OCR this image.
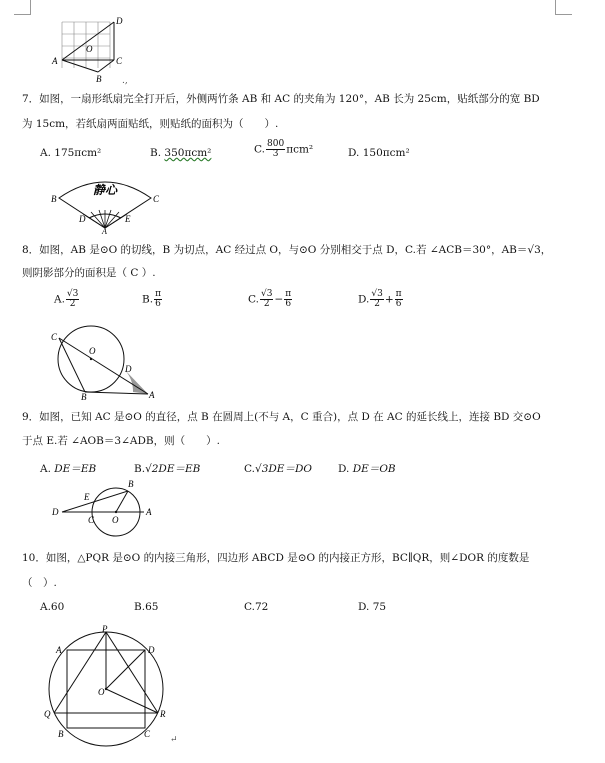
D
O
A	C
B .,
7．如图，一扇形纸扇完全打开后，外侧两竹条 AB 和 AC 的夹角为 120°，AB 长为 25cm，贴纸部分的宽 BD
为 15cm，若纸扇两面贴纸，则贴纸的面积为（　　）.
A. 175πcm²	B. 350πcm²	C. $\frac{800}{3} \pi cm^2$	D. 150πcm²
静心
B	C
D	E
A
8．如图，AB 是⊙O 的切线，B 为切点，AC 经过点 O，与⊙O 分别相交于点 D，C.若 ∠ACB＝30°，AB＝√3，
则阴影部分的面积是（ C ）.
A. $\frac{√3}{2}$	B. $\frac{\pi}{6}$	C. $\frac{√3}{2} - \frac{\pi}{6}$	D. $\frac{√3}{2} + \frac{\pi}{6}$
C
O
D
B	A
9．如图，已知 AC 是⊙O 的直径，点 B 在圆周上(不与 A，C 重合)，点 D 在 AC 的延长线上，连接 BD 交⊙O
于点 E.若 ∠AOB＝3∠ADB，则（　　）.
A. DE＝EB	B.√2DE＝EB	C.√3DE＝DO D. DE＝OB
B
E
D
C O
A
10．如图，△PQR 是⊙O 的内接三角形，四边形 ABCD 是⊙O 的内接正方形，BC∥QR，则∠DOR 的度数是
（　）.
A.60	B.65	C.72	D. 75
P
A	D
O
Q	R
B	C
↵
